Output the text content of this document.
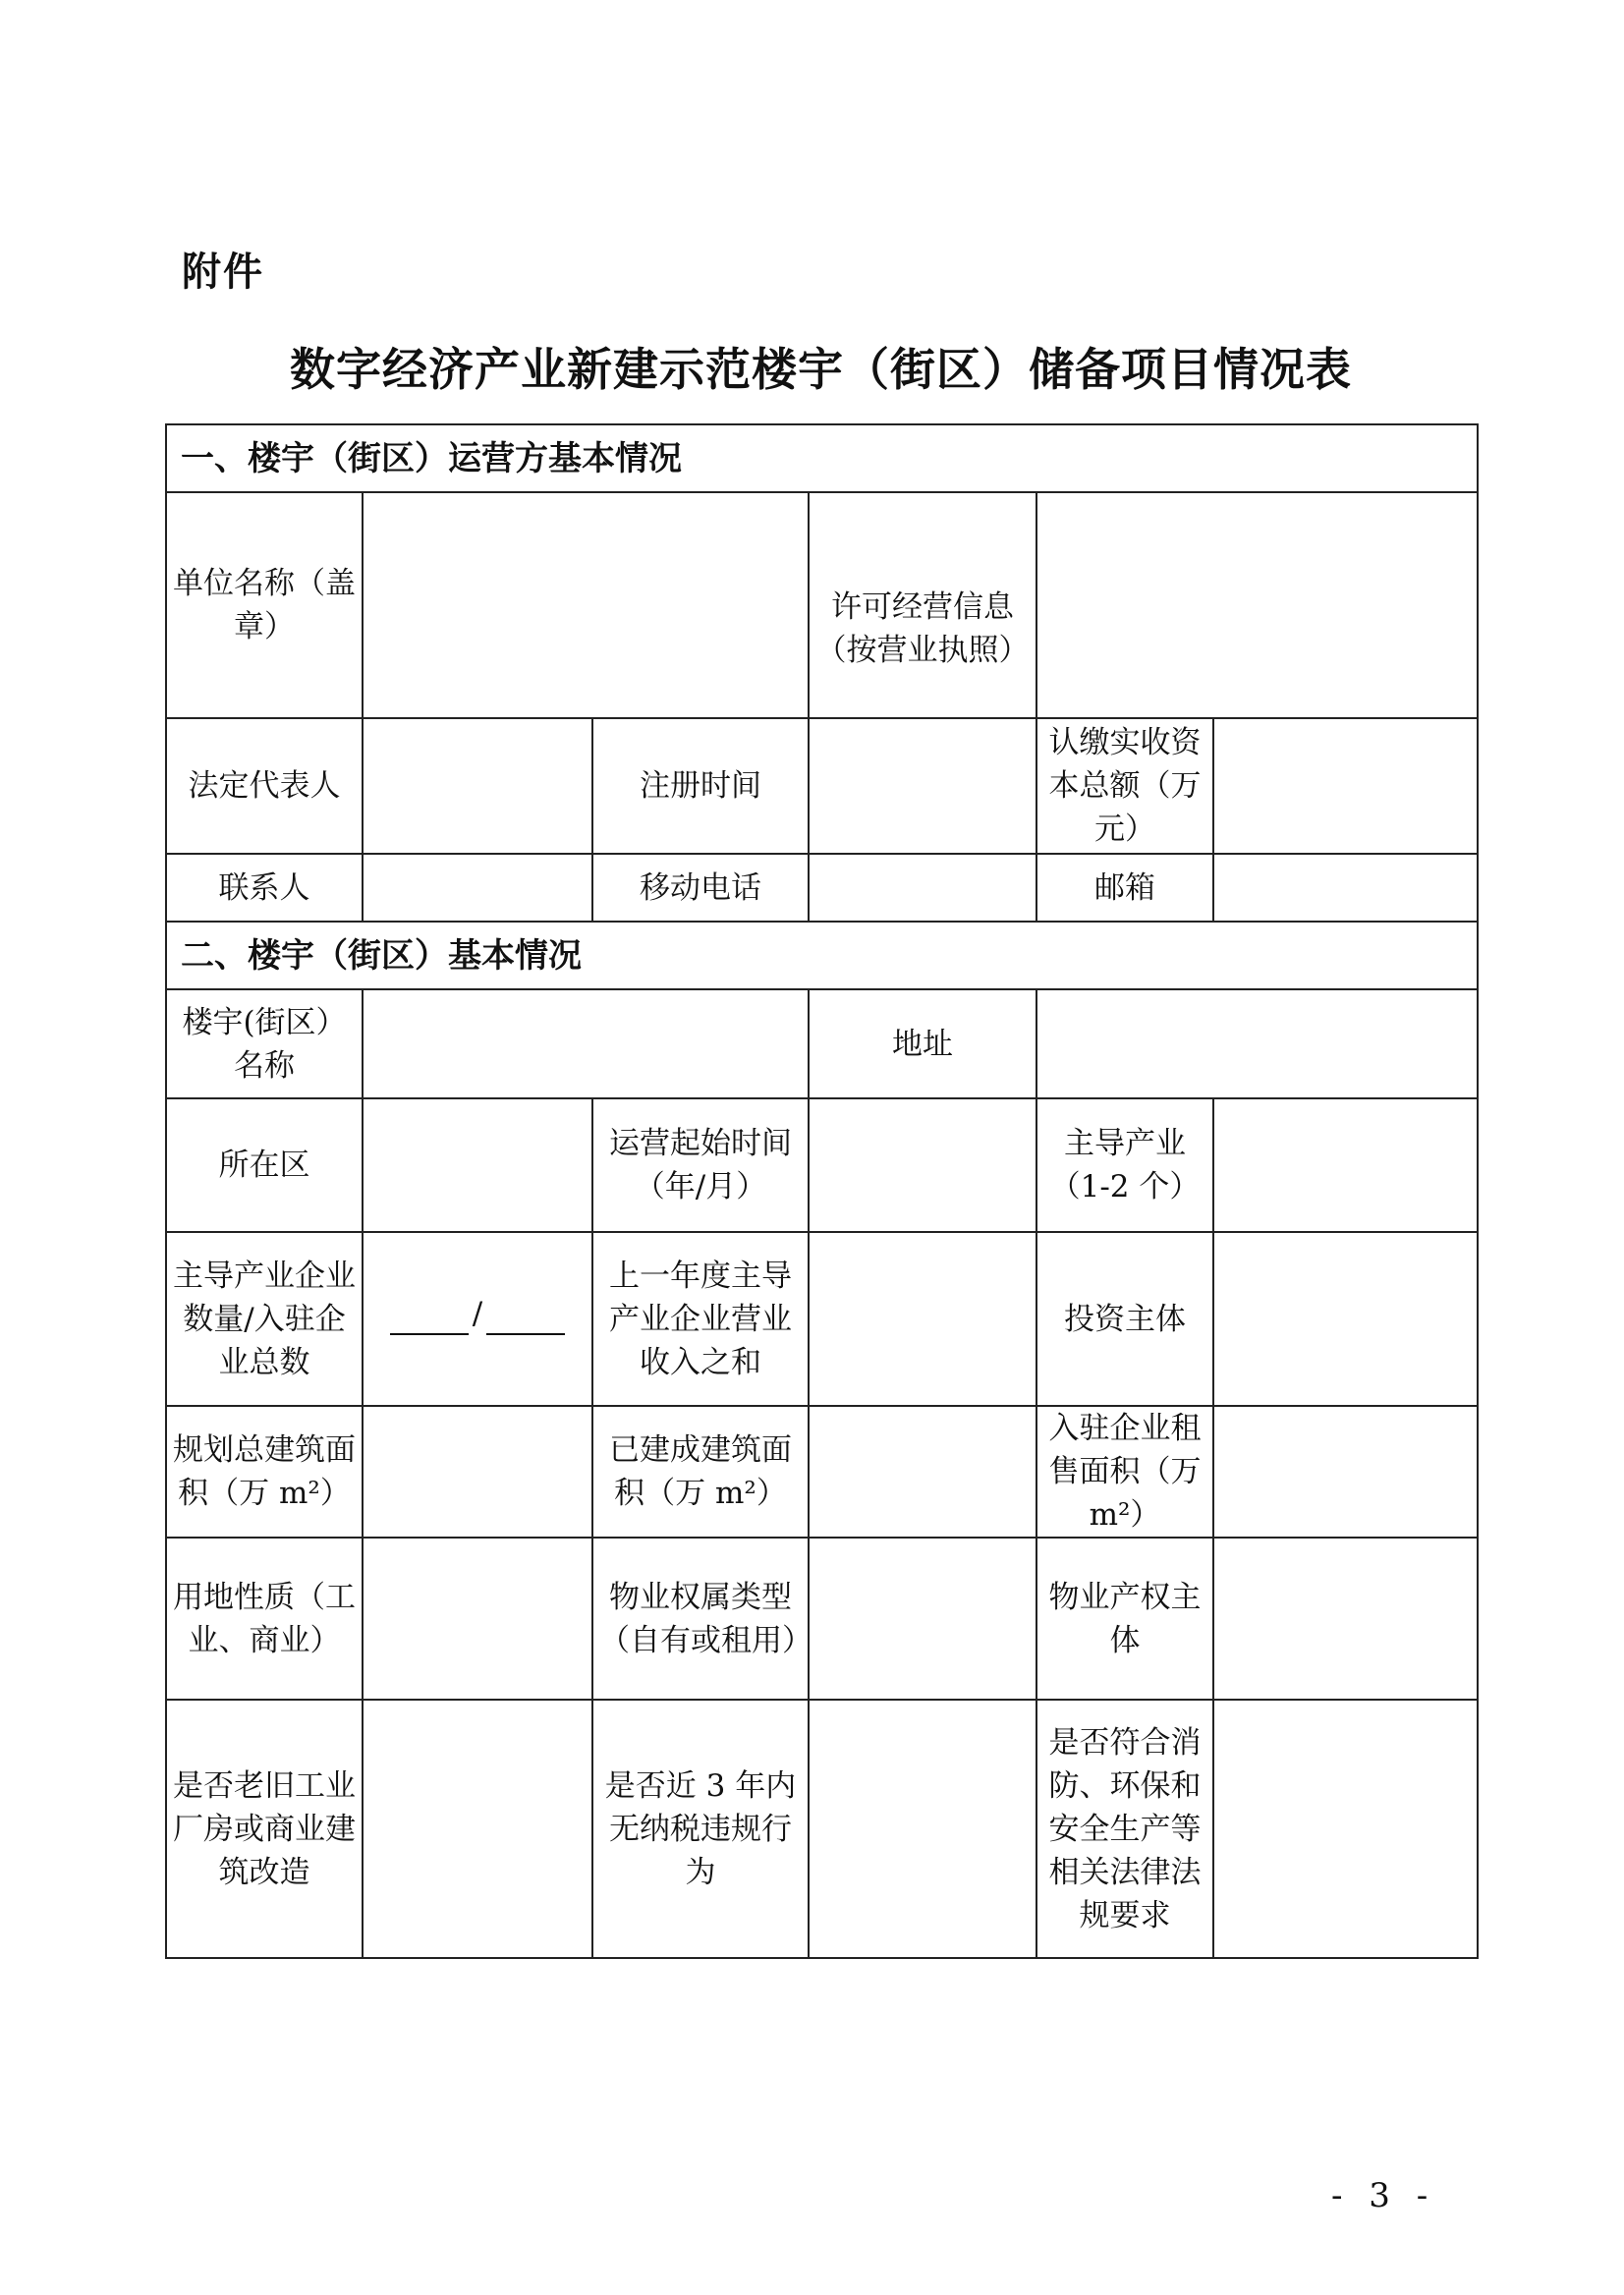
附件
数字经济产业新建示范楼宇（街区）储备项目情况表
一、楼宇（街区）运营方基本情况					
单位名称（盖章）			许可经营信息（按营业执照）		
法定代表人		注册时间		认缴实收资本总额（万元）	
联系人		移动电话		邮箱	
二、楼宇（街区）基本情况					
楼宇(街区）名称			地址		
所在区		运营起始时间（年/月）		主导产业（1-2 个）	
主导产业企业数量/入驻企业总数	/	上一年度主导产业企业营业收入之和		投资主体	
规划总建筑面积（万 m²）		已建成建筑面积（万 m²）		入驻企业租售面积（万 m²）	
用地性质（工业、商业）		物业权属类型（自有或租用）		物业产权主体	
是否老旧工业厂房或商业建筑改造		是否近 3 年内无纳税违规行为		是否符合消防、环保和安全生产等相关法律法规要求	
- 3 -
